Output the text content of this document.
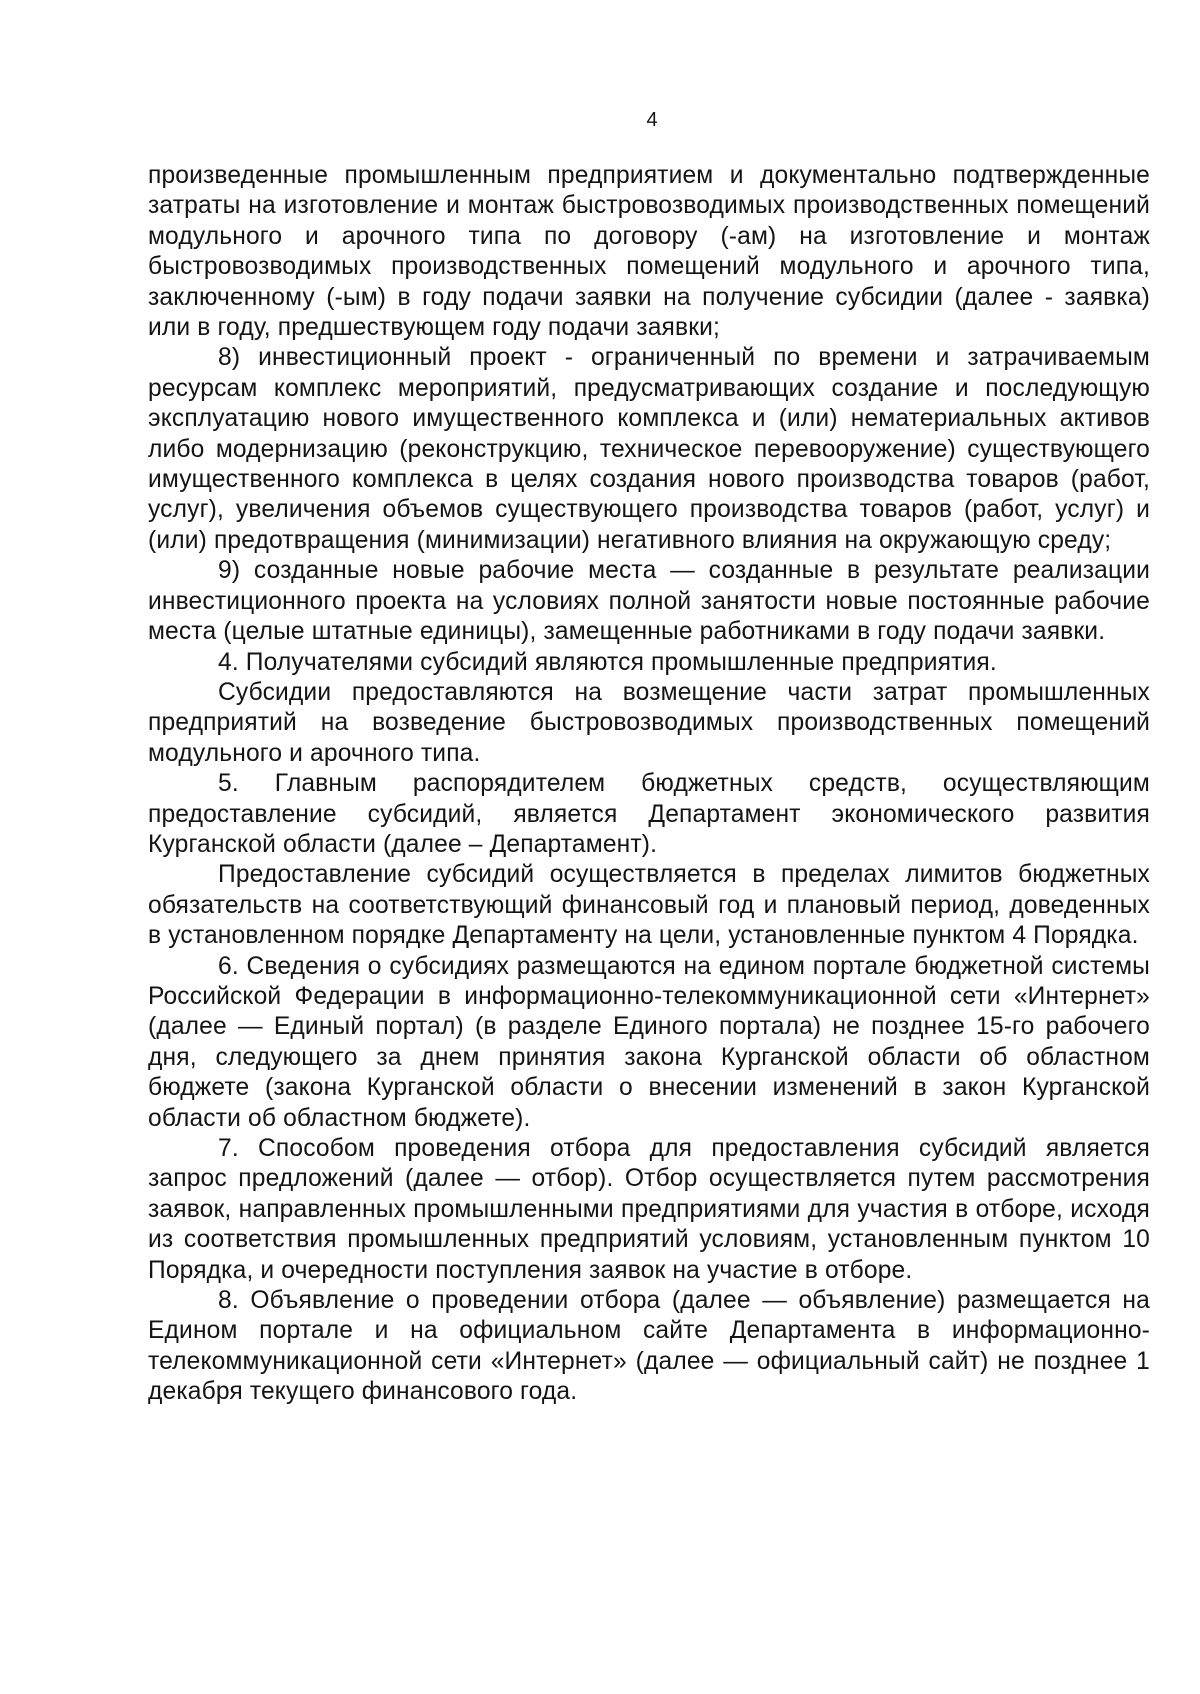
4

произведенные промышленным предприятием и документально подтвержденные затраты на изготовление и монтаж быстровозводимых производственных помещений модульного и арочного типа по договору (-ам) на изготовление и монтаж быстровозводимых производственных помещений модульного и арочного типа, заключенному (-ым) в году подачи заявки на получение субсидии (далее - заявка) или в году, предшествующем году подачи заявки;

8) инвестиционный проект - ограниченный по времени и затрачиваемым ресурсам комплекс мероприятий, предусматривающих создание и последующую эксплуатацию нового имущественного комплекса и (или) нематериальных активов либо модернизацию (реконструкцию, техническое перевооружение) существующего имущественного комплекса в целях создания нового производства товаров (работ, услуг), увеличения объемов существующего производства товаров (работ, услуг) и (или) предотвращения (минимизации) негативного влияния на окружающую среду;

9) созданные новые рабочие места — созданные в результате реализации инвестиционного проекта на условиях полной занятости новые постоянные рабочие места (целые штатные единицы), замещенные работниками в году подачи заявки.

4. Получателями субсидий являются промышленные предприятия.

Субсидии предоставляются на возмещение части затрат промышленных предприятий на возведение быстровозводимых производственных помещений модульного и арочного типа.

5. Главным распорядителем бюджетных средств, осуществляющим предоставление субсидий, является Департамент экономического развития Курганской области (далее – Департамент).

Предоставление субсидий осуществляется в пределах лимитов бюджетных обязательств на соответствующий финансовый год и плановый период, доведенных в установленном порядке Департаменту на цели, установленные пунктом 4 Порядка.

6. Сведения о субсидиях размещаются на едином портале бюджетной системы Российской Федерации в информационно-телекоммуникационной сети «Интернет» (далее — Единый портал) (в разделе Единого портала) не позднее 15-го рабочего дня, следующего за днем принятия закона Курганской области об областном бюджете (закона Курганской области о внесении изменений в закон Курганской области об областном бюджете).

7. Способом проведения отбора для предоставления субсидий является запрос предложений (далее — отбор). Отбор осуществляется путем рассмотрения заявок, направленных промышленными предприятиями для участия в отборе, исходя из соответствия промышленных предприятий условиям, установленным пунктом 10 Порядка, и очередности поступления заявок на участие в отборе.

8. Объявление о проведении отбора (далее — объявление) размещается на Едином портале и на официальном сайте Департамента в информационно-телекоммуникационной сети «Интернет» (далее — официальный сайт) не позднее 1 декабря текущего финансового года.
